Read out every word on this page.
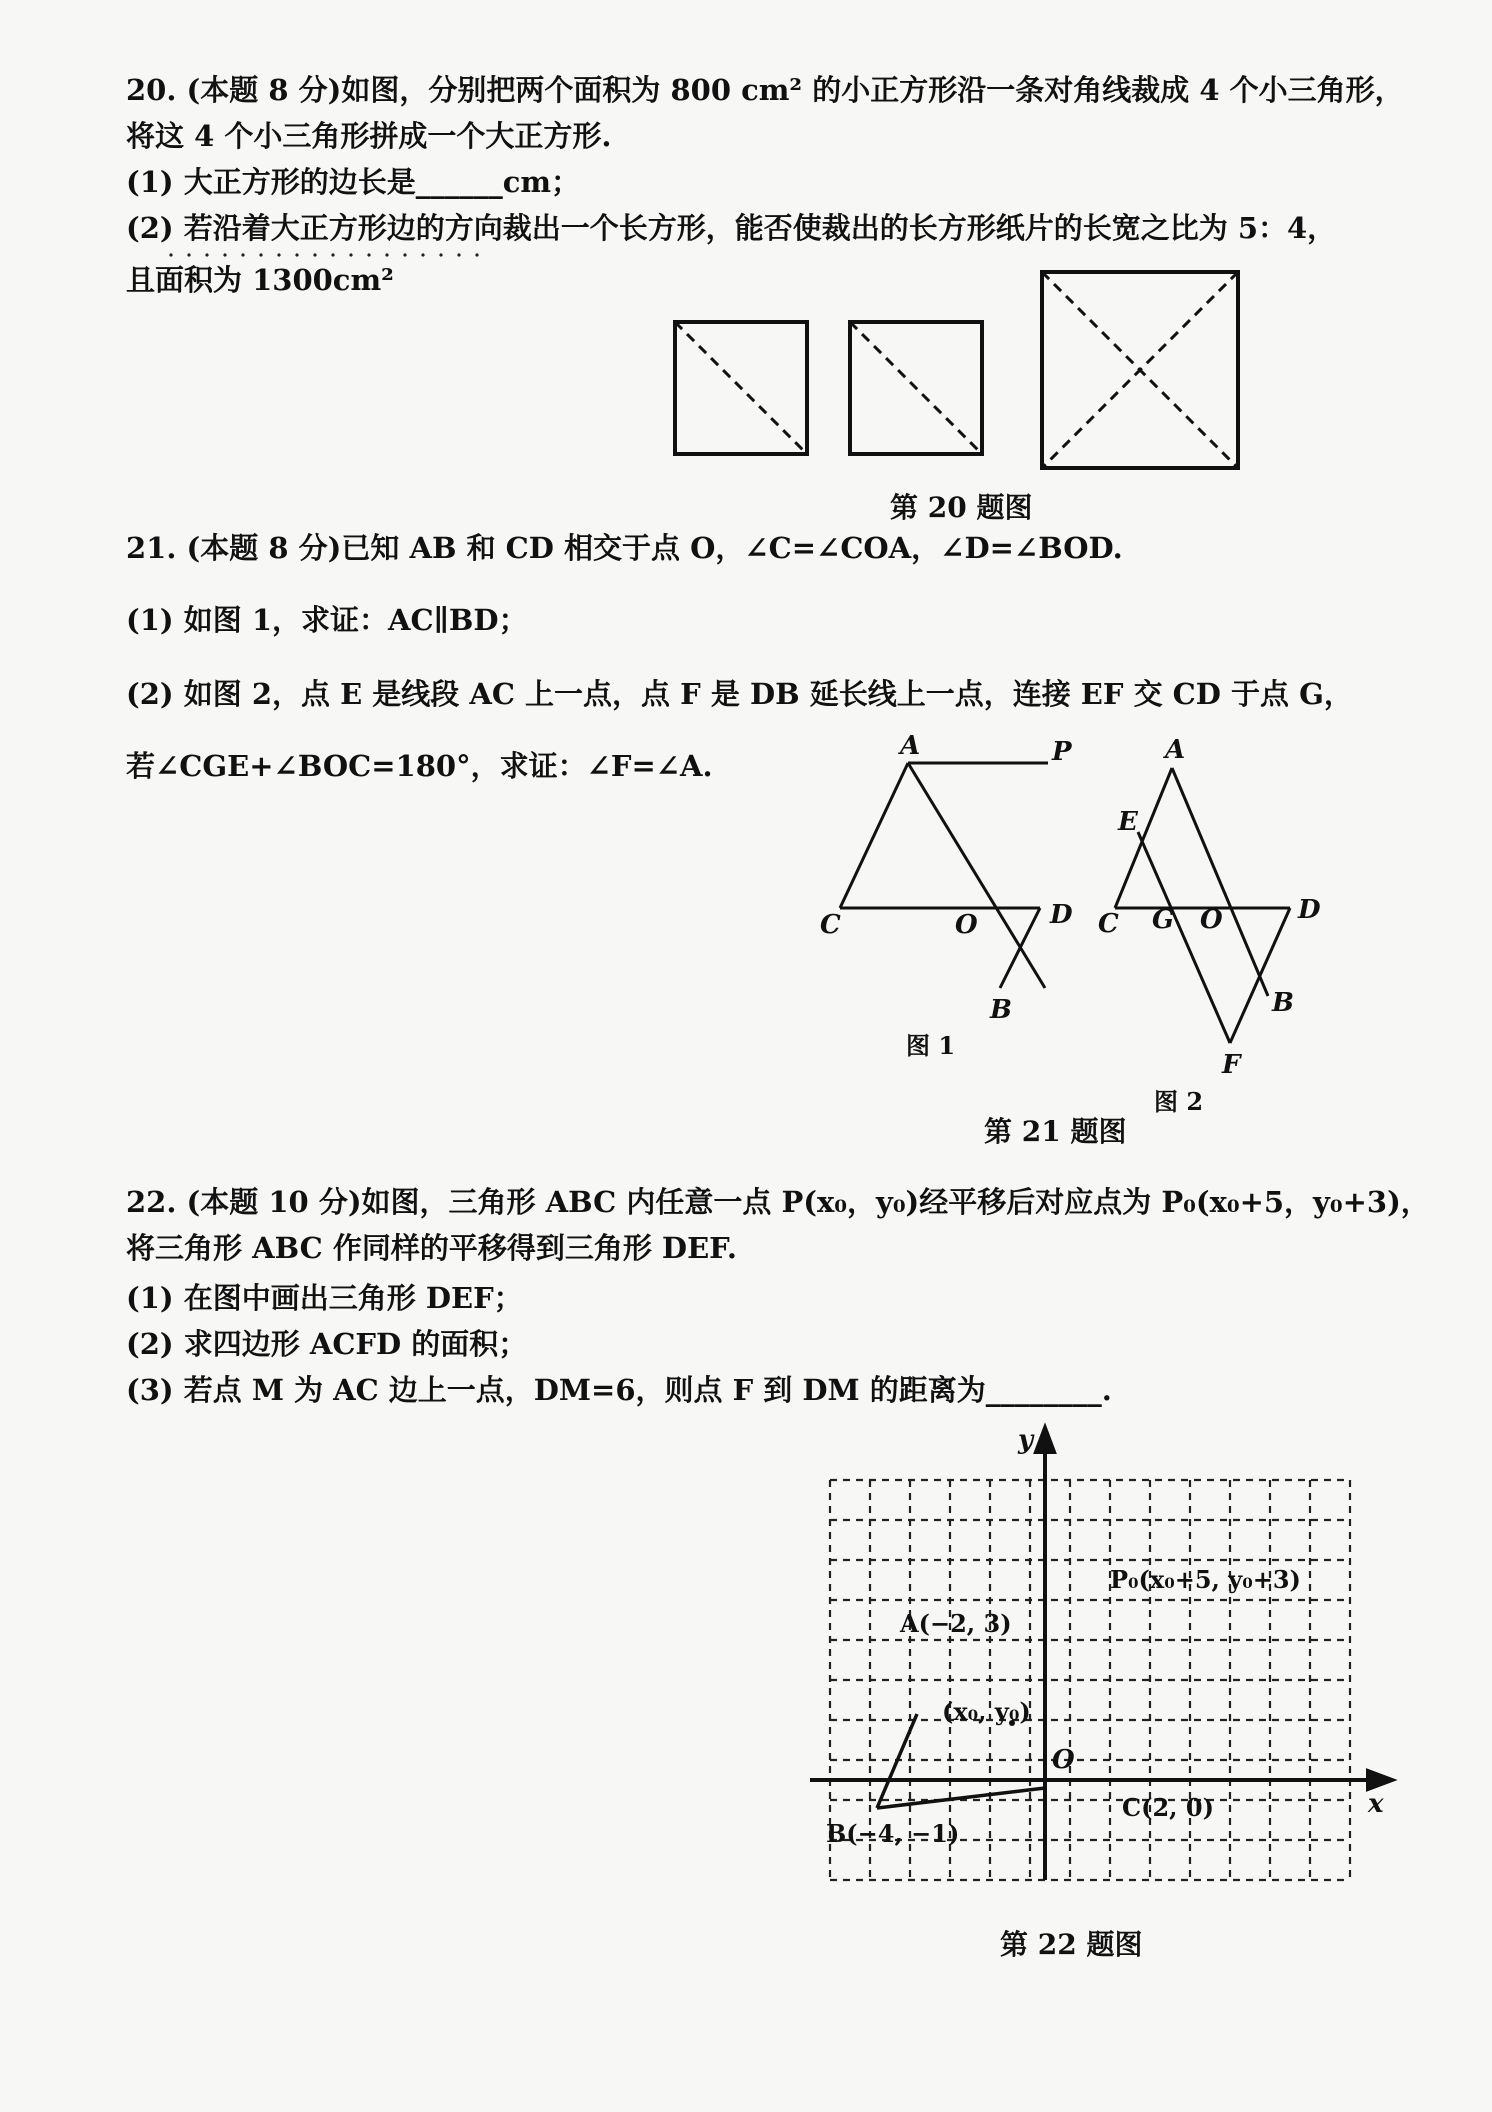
20. (本题 8 分)如图，分别把两个面积为 800 cm² 的小正方形沿一条对角线裁成 4 个小三角形，
将这 4 个小三角形拼成一个大正方形.
(1) 大正方形的边长是______cm；
(2) 若沿着大正方形边的方向裁出一个长方形，能否使裁出的长方形纸片的长宽之比为 5：4，
且面积为 1300cm²
第 20 题图
21. (本题 8 分)已知 AB 和 CD 相交于点 O，∠C=∠COA，∠D=∠BOD.
(1) 如图 1，求证：AC∥BD；
(2) 如图 2，点 E 是线段 AC 上一点，点 F 是 DB 延长线上一点，连接 EF 交 CD 于点 G，
若∠CGE+∠BOC=180°，求证：∠F=∠A.
A
C	O	D
B
P
图 1
A
E
C G O	D
B
F
图 2
第 21 题图
22. (本题 10 分)如图，三角形 ABC 内任意一点 P(x₀，y₀)经平移后对应点为 P₀(x₀+5，y₀+3)，
将三角形 ABC 作同样的平移得到三角形 DEF.
(1) 在图中画出三角形 DEF；
(2) 求四边形 ACFD 的面积；
(3) 若点 M 为 AC 边上一点，DM=6，则点 F 到 DM 的距离为________.
y
x
O
A(−2, 3)
B(−4, −1)
C(2, 0)
(x₀, y₀)
P₀(x₀+5, y₀+3)
第 22 题图
